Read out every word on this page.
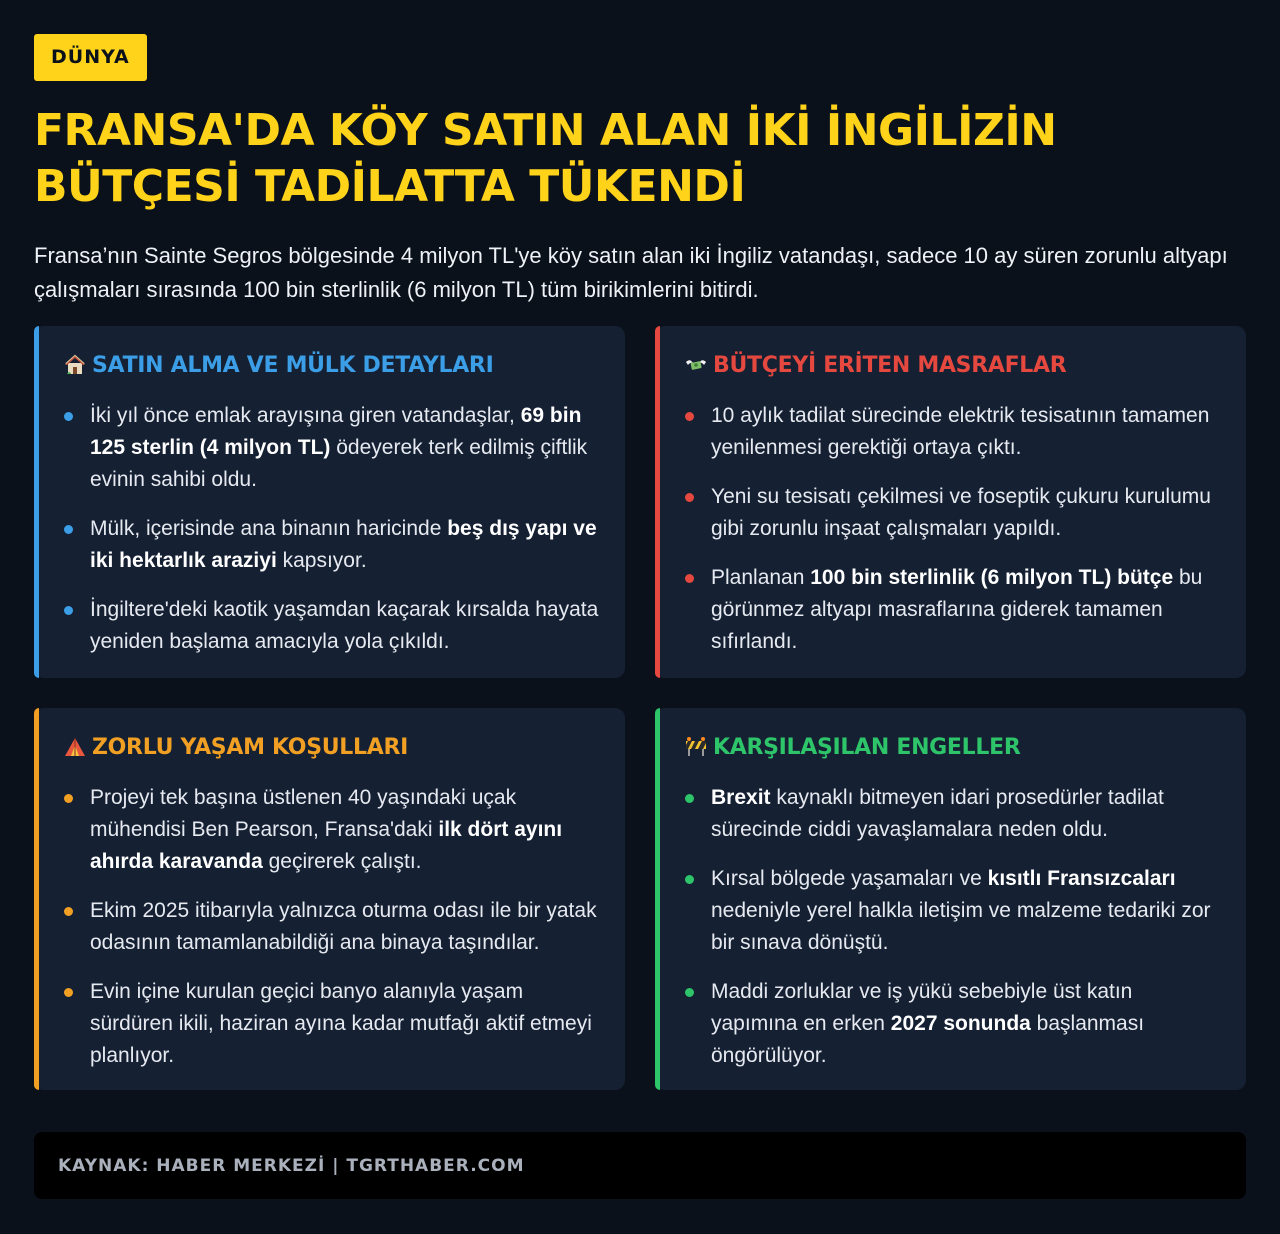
DÜNYA
FRANSA'DA KÖY SATIN ALAN İKİ İNGİLİZİN BÜTÇESİ TADİLATTA TÜKENDİ

Fransa’nın Sainte Segros bölgesinde 4 milyon TL'ye köy satın alan iki İngiliz vatandaşı, sadece 10 ay süren zorunlu altyapı çalışmaları sırasında 100 bin sterlinlik (6 milyon TL) tüm birikimlerini bitirdi.

SATIN ALMA VE MÜLK DETAYLARI
İki yıl önce emlak arayışına giren vatandaşlar, 69 bin 125 sterlin (4 milyon TL) ödeyerek terk edilmiş çiftlik evinin sahibi oldu.
Mülk, içerisinde ana binanın haricinde beş dış yapı ve iki hektarlık araziyi kapsıyor.
İngiltere'deki kaotik yaşamdan kaçarak kırsalda hayata yeniden başlama amacıyla yola çıkıldı.
BÜTÇEYİ ERİTEN MASRAFLAR
10 aylık tadilat sürecinde elektrik tesisatının tamamen yenilenmesi gerektiği ortaya çıktı.
Yeni su tesisatı çekilmesi ve foseptik çukuru kurulumu gibi zorunlu inşaat çalışmaları yapıldı.
Planlanan 100 bin sterlinlik (6 milyon TL) bütçe bu görünmez altyapı masraflarına giderek tamamen sıfırlandı.
ZORLU YAŞAM KOŞULLARI
Projeyi tek başına üstlenen 40 yaşındaki uçak mühendisi Ben Pearson, Fransa'daki ilk dört ayını ahırda karavanda geçirerek çalıştı.
Ekim 2025 itibarıyla yalnızca oturma odası ile bir yatak odasının tamamlanabildiği ana binaya taşındılar.
Evin içine kurulan geçici banyo alanıyla yaşam sürdüren ikili, haziran ayına kadar mutfağı aktif etmeyi planlıyor.
KARŞILAŞILAN ENGELLER
Brexit kaynaklı bitmeyen idari prosedürler tadilat sürecinde ciddi yavaşlamalara neden oldu.
Kırsal bölgede yaşamaları ve kısıtlı Fransızcaları nedeniyle yerel halkla iletişim ve malzeme tedariki zor bir sınava dönüştü.
Maddi zorluklar ve iş yükü sebebiyle üst katın yapımına en erken 2027 sonunda başlanması öngörülüyor.
KAYNAK: HABER MERKEZİ | TGRTHABER.COM
